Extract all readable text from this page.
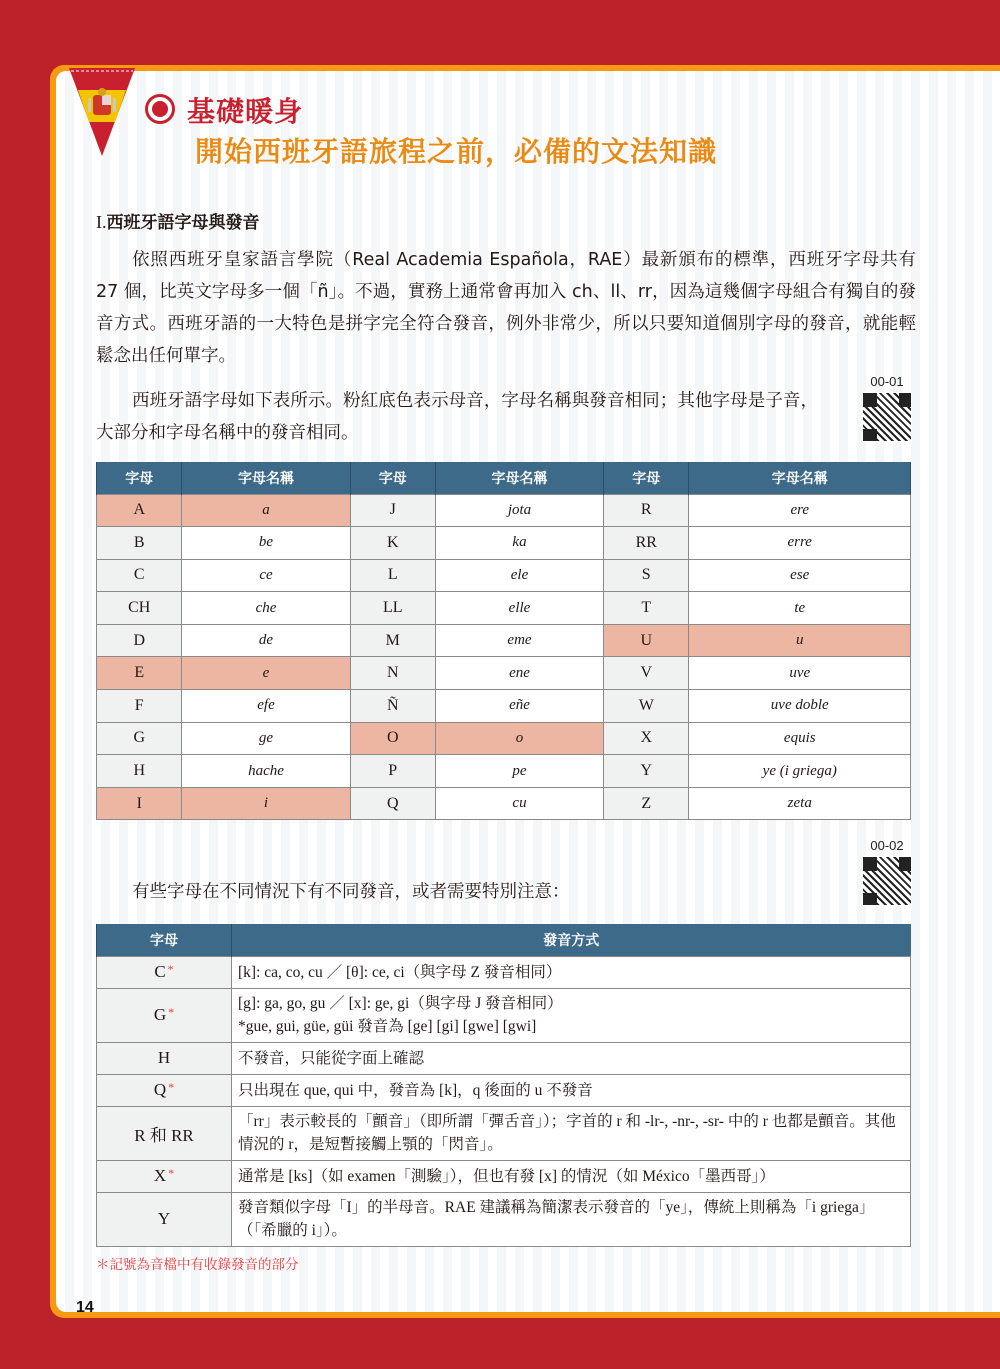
基礎暖身
開始西班牙語旅程之前，必備的文法知識
I.西班牙語字母與發音

依照西班牙皇家語言學院（Real Academia Española，RAE）最新頒布的標準，西班牙字母共有 27 個，比英文字母多一個「ñ」。不過，實務上通常會再加入 ch、ll、rr，因為這幾個字母組合有獨自的發音方式。西班牙語的一大特色是拼字完全符合發音，例外非常少，所以只要知道個別字母的發音，就能輕鬆念出任何單字。

西班牙語字母如下表所示。粉紅底色表示母音，字母名稱與發音相同；其他字母是子音，大部分和字母名稱中的發音相同。

00-01
字母	字母名稱	字母	字母名稱	字母	字母名稱
A	a	J	jota	R	ere
B	be	K	ka	RR	erre
C	ce	L	ele	S	ese
CH	che	LL	elle	T	te
D	de	M	eme	U	u
E	e	N	ene	V	uve
F	efe	Ñ	eñe	W	uve doble
G	ge	O	o	X	equis
H	hache	P	pe	Y	ye (i griega)
I	i	Q	cu	Z	zeta

有些字母在不同情況下有不同發音，或者需要特別注意：

00-02
字母	發音方式
C *	[k]: ca, co, cu ／ [θ]: ce, ci（與字母 Z 發音相同）

G *	[g]: ga, go, gu ／ [x]: ge, gi（與字母 J 發音相同）
*gue, gui, güe, güi 發音為 [ge] [gi] [gwe] [gwi]

H	不發音，只能從字面上確認

Q *	只出現在 que, qui 中，發音為 [k]，q 後面的 u 不發音

R 和 RR	「rr」表示較長的「顫音」（即所謂「彈舌音」）；字首的 r 和 -lr-, -nr-, -sr- 中的 r 也都是顫音。其他情況的 r，是短暫接觸上顎的「閃音」。

X *	通常是 [ks]（如 examen「測驗」），但也有發 [x] 的情況（如 México「墨西哥」）

Y	發音類似字母「I」的半母音。RAE 建議稱為簡潔表示發音的「ye」，傳統上則稱為「i griega」（「希臘的 i」）。
＊記號為音檔中有收錄發音的部分
14
